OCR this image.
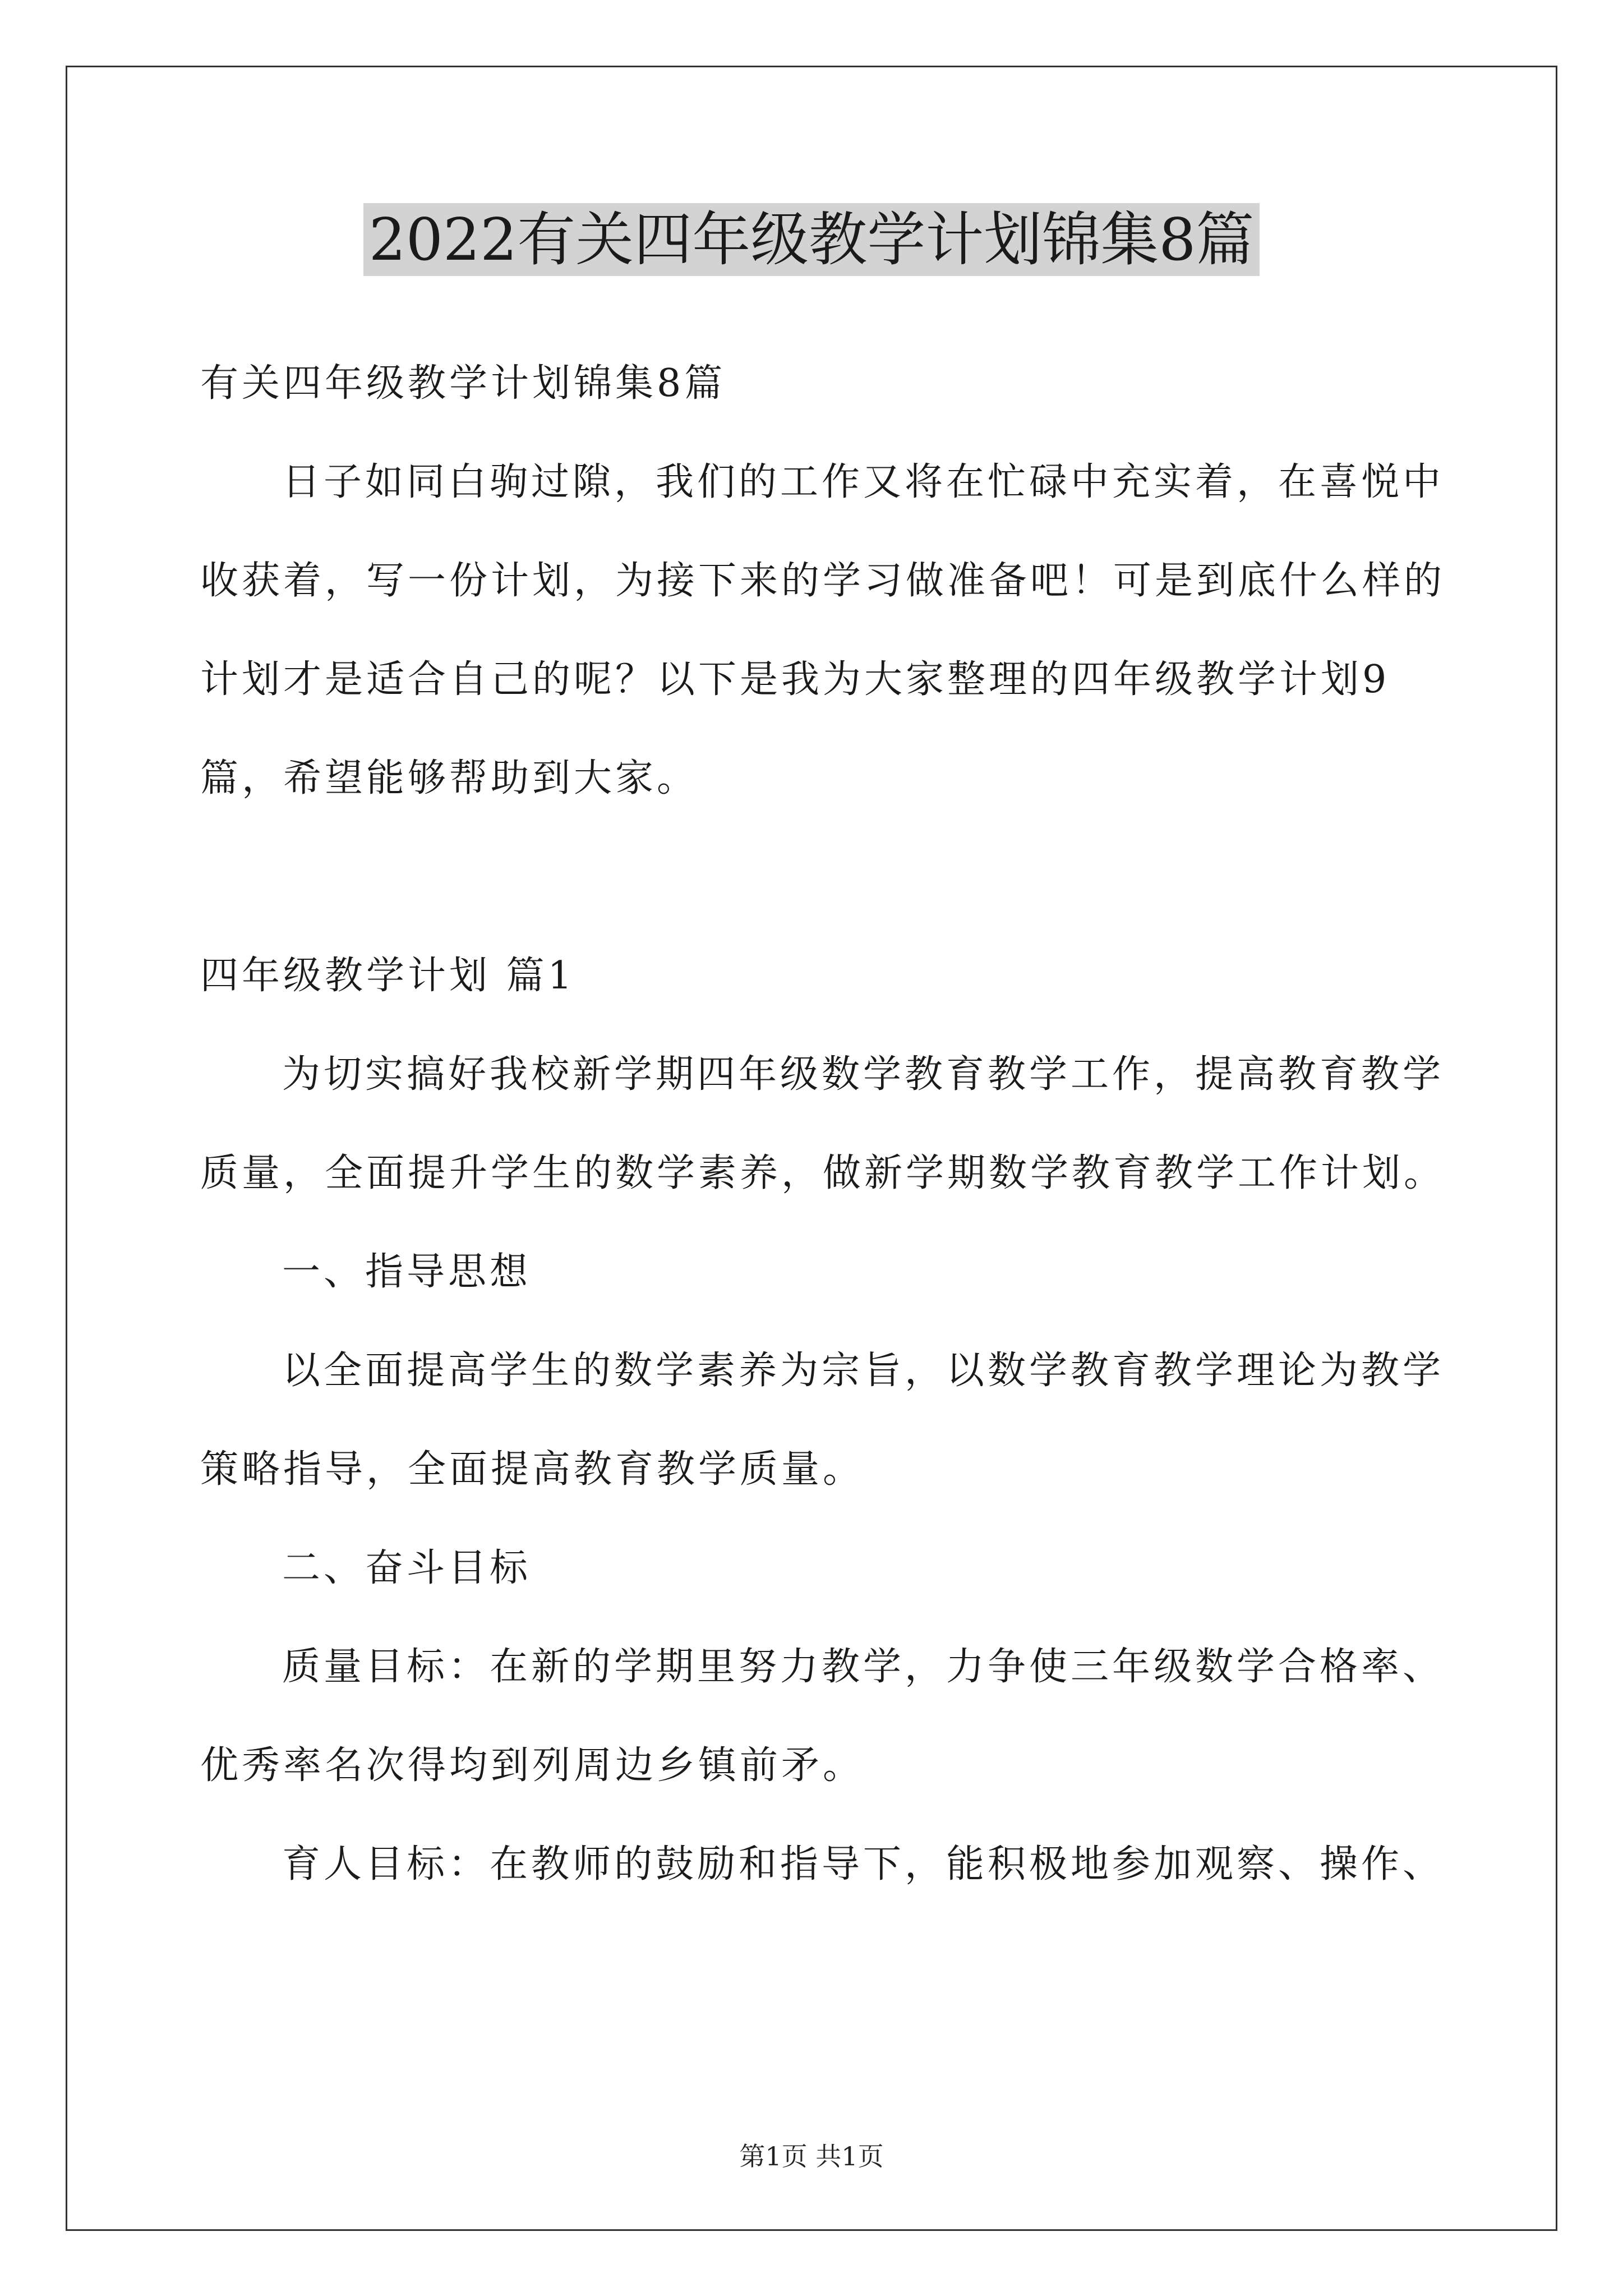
2022有关四年级教学计划锦集8篇

有关四年级教学计划锦集8篇

日子如同白驹过隙，我们的工作又将在忙碌中充实着，在喜悦中收获着，写一份计划，为接下来的学习做准备吧！可是到底什么样的计划才是适合自己的呢？以下是我为大家整理的四年级教学计划9篇，希望能够帮助到大家。

四年级教学计划 篇1

为切实搞好我校新学期四年级数学教育教学工作，提高教育教学质量，全面提升学生的数学素养，做新学期数学教育教学工作计划。

一、指导思想

以全面提高学生的数学素养为宗旨，以数学教育教学理论为教学策略指导，全面提高教育教学质量。

二、奋斗目标

质量目标：在新的学期里努力教学，力争使三年级数学合格率、优秀率名次得均到列周边乡镇前矛。

育人目标：在教师的鼓励和指导下，能积极地参加观察、操作、

第1页 共1页
